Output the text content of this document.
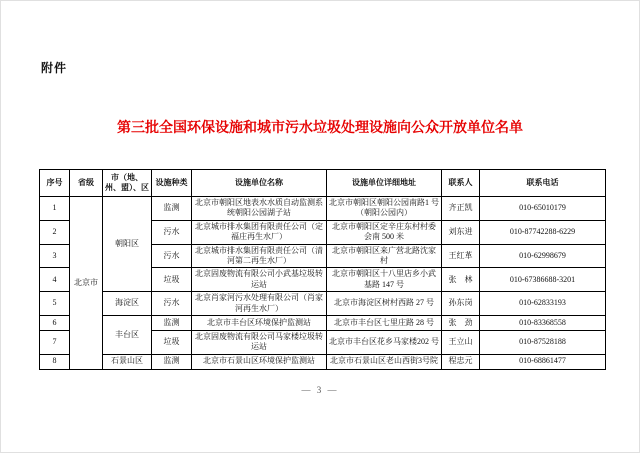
附件
第三批全国环保设施和城市污水垃圾处理设施向公众开放单位名单
序号	省级	市（地、州、盟）、区	设施种类	设施单位名称	设施单位详细地址	联系人	联系电话
1	北京市	朝阳区	监测	北京市朝阳区地表水水质自动监测系统朝阳公园湖子站	北京市朝阳区朝阳公园南路1 号（朝阳公园内）	齐正凯	010-65010179
2			污水	北京城市排水集团有限责任公司（定福庄再生水厂）	北京市朝阳区定辛庄东村村委会南 500 米	刘东进	010-87742288-6229
3			污水	北京城市排水集团有限责任公司（清河第二再生水厂）	北京市朝阳区来广营北路沈家村	王红革	010-62998679
4			垃圾	北京固废物流有限公司小武基垃圾转运站	北京市朝阳区十八里店乡小武基路 147 号	张　林	010-67386688-3201
5		海淀区	污水	北京肖家河污水处理有限公司（肖家河再生水厂）	北京市海淀区树村西路 27 号	孙东岗	010-62833193
6		丰台区	监测	北京市丰台区环境保护监测站	北京市丰台区七里庄路 28 号	张　劲	010-83368558
7			垃圾	北京固废物流有限公司马家楼垃圾转运站	北京市丰台区花乡马家楼202 号	王立山	010-87528188
8		石景山区	监测	北京市石景山区环境保护监测站	北京市石景山区老山西街3号院	程忠元	010-68861477
— 3 —
